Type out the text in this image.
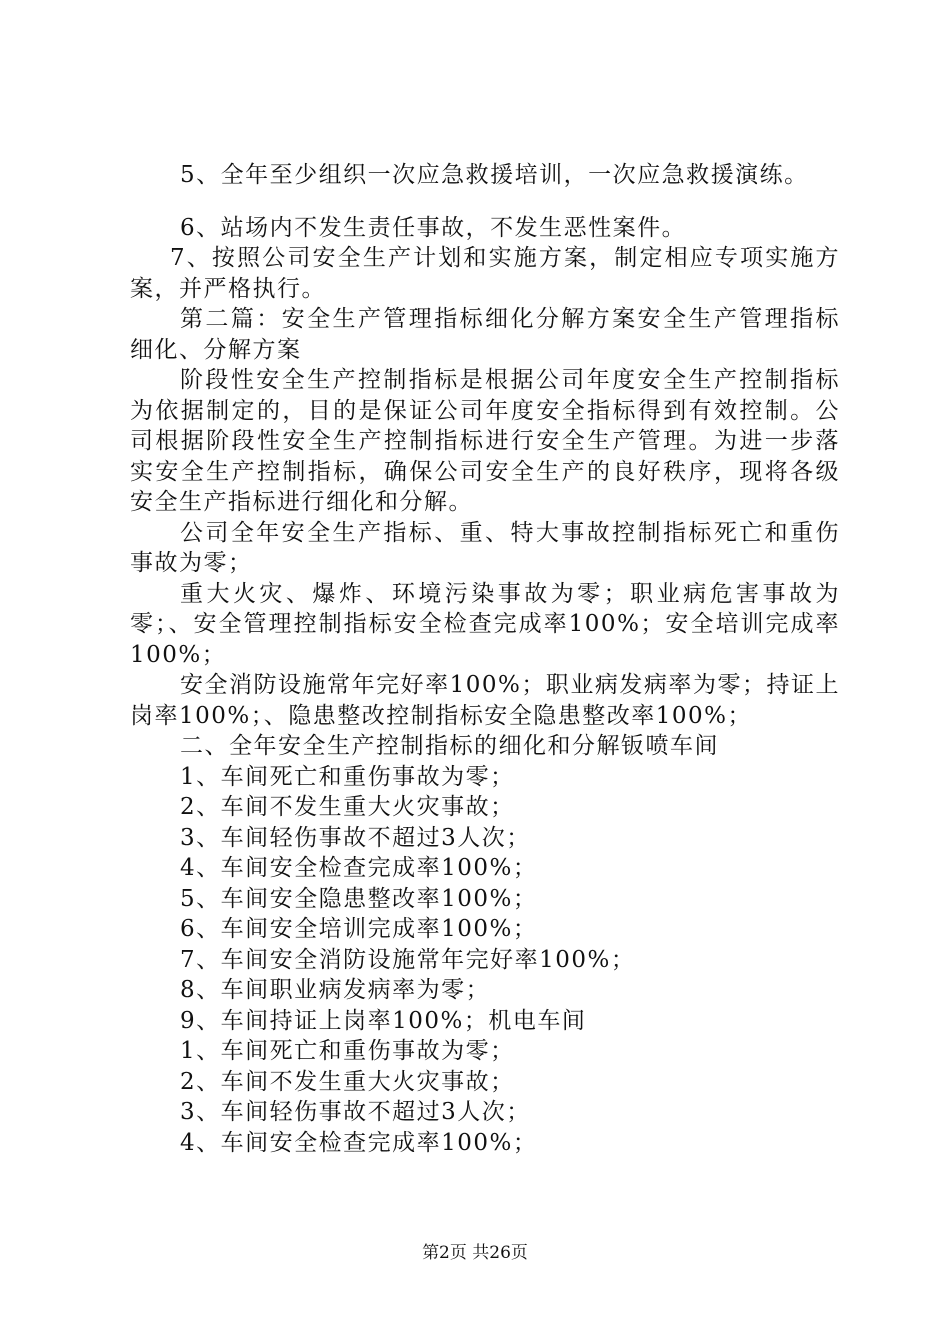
5、全年至少组织一次应急救援培训，一次应急救援演练。

6、站场内不发生责任事故，不发生恶性案件。

7、按照公司安全生产计划和实施方案，制定相应专项实施方案，并严格执行。

第二篇：安全生产管理指标细化分解方案安全生产管理指标细化、分解方案

阶段性安全生产控制指标是根据公司年度安全生产控制指标为依据制定的，目的是保证公司年度安全指标得到有效控制。公司根据阶段性安全生产控制指标进行安全生产管理。为进一步落实安全生产控制指标，确保公司安全生产的良好秩序，现将各级安全生产指标进行细化和分解。

公司全年安全生产指标、重、特大事故控制指标死亡和重伤事故为零；

重大火灾、爆炸、环境污染事故为零；职业病危害事故为零；、安全管理控制指标安全检查完成率100%；安全培训完成率100%；

安全消防设施常年完好率100%；职业病发病率为零；持证上岗率100%；、隐患整改控制指标安全隐患整改率100%；

二、全年安全生产控制指标的细化和分解钣喷车间

1、车间死亡和重伤事故为零；

2、车间不发生重大火灾事故；

3、车间轻伤事故不超过3人次；

4、车间安全检查完成率100%；

5、车间安全隐患整改率100%；

6、车间安全培训完成率100%；

7、车间安全消防设施常年完好率100%；

8、车间职业病发病率为零；

9、车间持证上岗率100%；机电车间

1、车间死亡和重伤事故为零；

2、车间不发生重大火灾事故；

3、车间轻伤事故不超过3人次；

4、车间安全检查完成率100%；

第2页 共26页
